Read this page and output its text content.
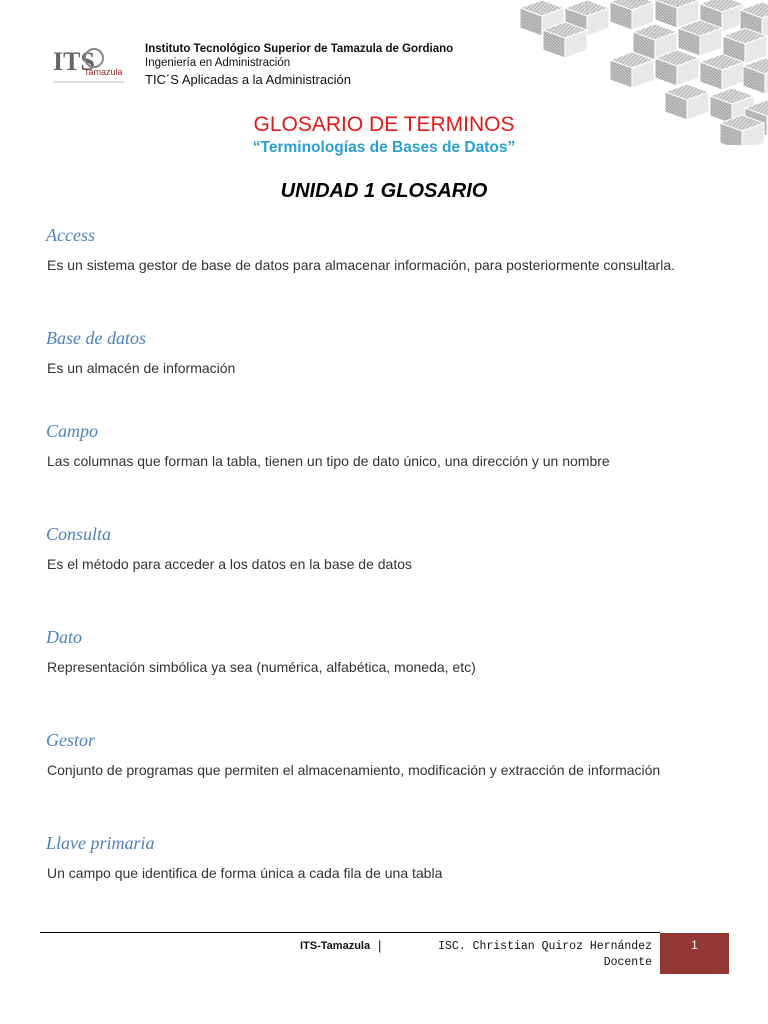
ITS
Tamazula
Instituto Tecnológico Superior de Tamazula de Gordiano
Ingeniería en Administración
TIC´S Aplicadas a la Administración
GLOSARIO DE TERMINOS
“Terminologías de Bases de Datos”
UNIDAD 1 GLOSARIO
Access
Es un sistema gestor de base de datos para almacenar información, para posteriormente consultarla.
Base de datos
Es un almacén de información
Campo
Las columnas que forman la tabla, tienen un tipo de dato único, una dirección y un nombre
Consulta
Es el método para acceder a los datos en la base de datos
Dato
Representación simbólica ya sea (numérica, alfabética, moneda, etc)
Gestor
Conjunto de programas que permiten el almacenamiento, modificación y extracción de información
Llave primaria
Un campo que identifica de forma única a cada fila de una tabla
ITS-Tamazula |	ISC. Christian Quiroz Hernández
Docente
1
